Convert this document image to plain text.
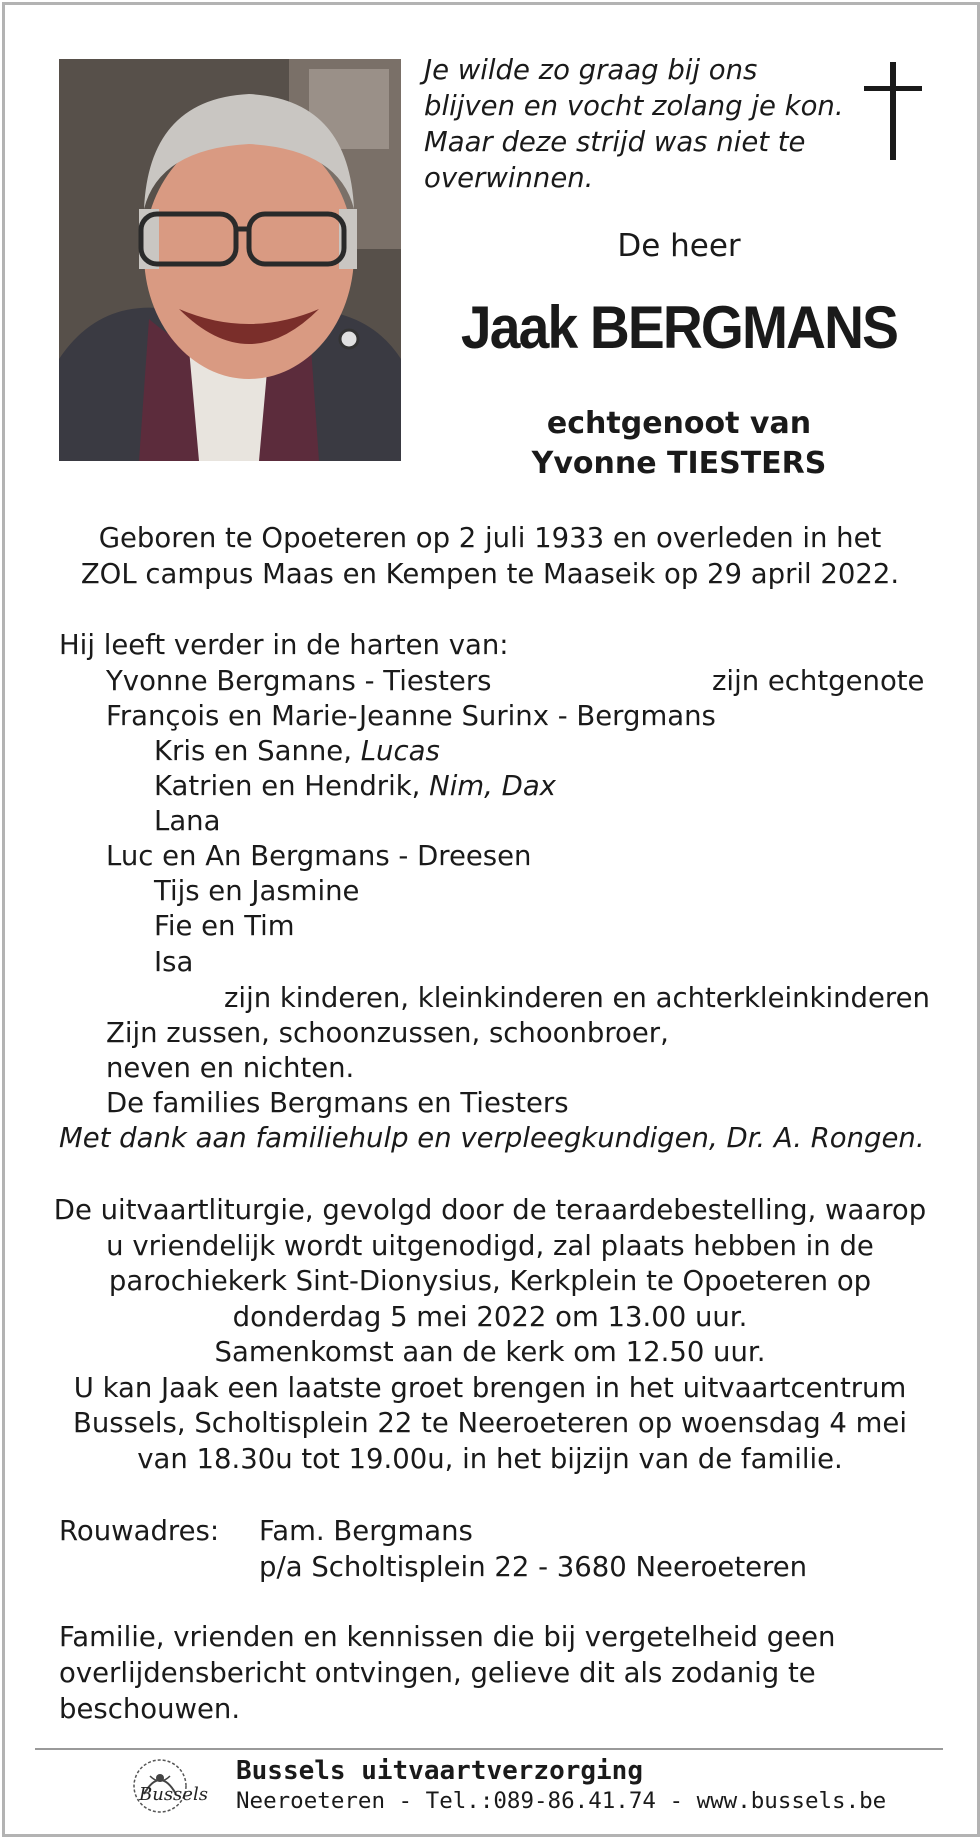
Je wilde zo graag bij ons
blijven en vocht zolang je kon.
Maar deze strijd was niet te
overwinnen.
De heer
Jaak BERGMANS
echtgenoot van
Yvonne TIESTERS
Geboren te Opoeteren op 2 juli 1933 en overleden in het
ZOL campus Maas en Kempen te Maaseik op 29 april 2022.
Hij leeft verder in de harten van:
Yvonne Bergmans - Tiesters	zijn echtgenote
François en Marie-Jeanne Surinx - Bergmans
Kris en Sanne, Lucas
Katrien en Hendrik, Nim, Dax
Lana
Luc en An Bergmans - Dreesen
Tijs en Jasmine
Fie en Tim
Isa
zijn kinderen, kleinkinderen en achterkleinkinderen
Zijn zussen, schoonzussen, schoonbroer,
neven en nichten.
De families Bergmans en Tiesters
Met dank aan familiehulp en verpleegkundigen, Dr. A. Rongen.
De uitvaartliturgie, gevolgd door de teraardebestelling, waarop
u vriendelijk wordt uitgenodigd, zal plaats hebben in de
parochiekerk Sint-Dionysius, Kerkplein te Opoeteren op
donderdag 5 mei 2022 om 13.00 uur.
Samenkomst aan de kerk om 12.50 uur.
U kan Jaak een laatste groet brengen in het uitvaartcentrum
Bussels, Scholtisplein 22 te Neeroeteren op woensdag 4 mei
van 18.30u tot 19.00u, in het bijzijn van de familie.
Rouwadres: Fam. Bergmans
p/a Scholtisplein 22 - 3680 Neeroeteren
Familie, vrienden en kennissen die bij vergetelheid geen
overlijdensbericht ontvingen, gelieve dit als zodanig te
beschouwen.
Bussels
Bussels uitvaartverzorging
Neeroeteren - Tel.:089-86.41.74 - www.bussels.be
